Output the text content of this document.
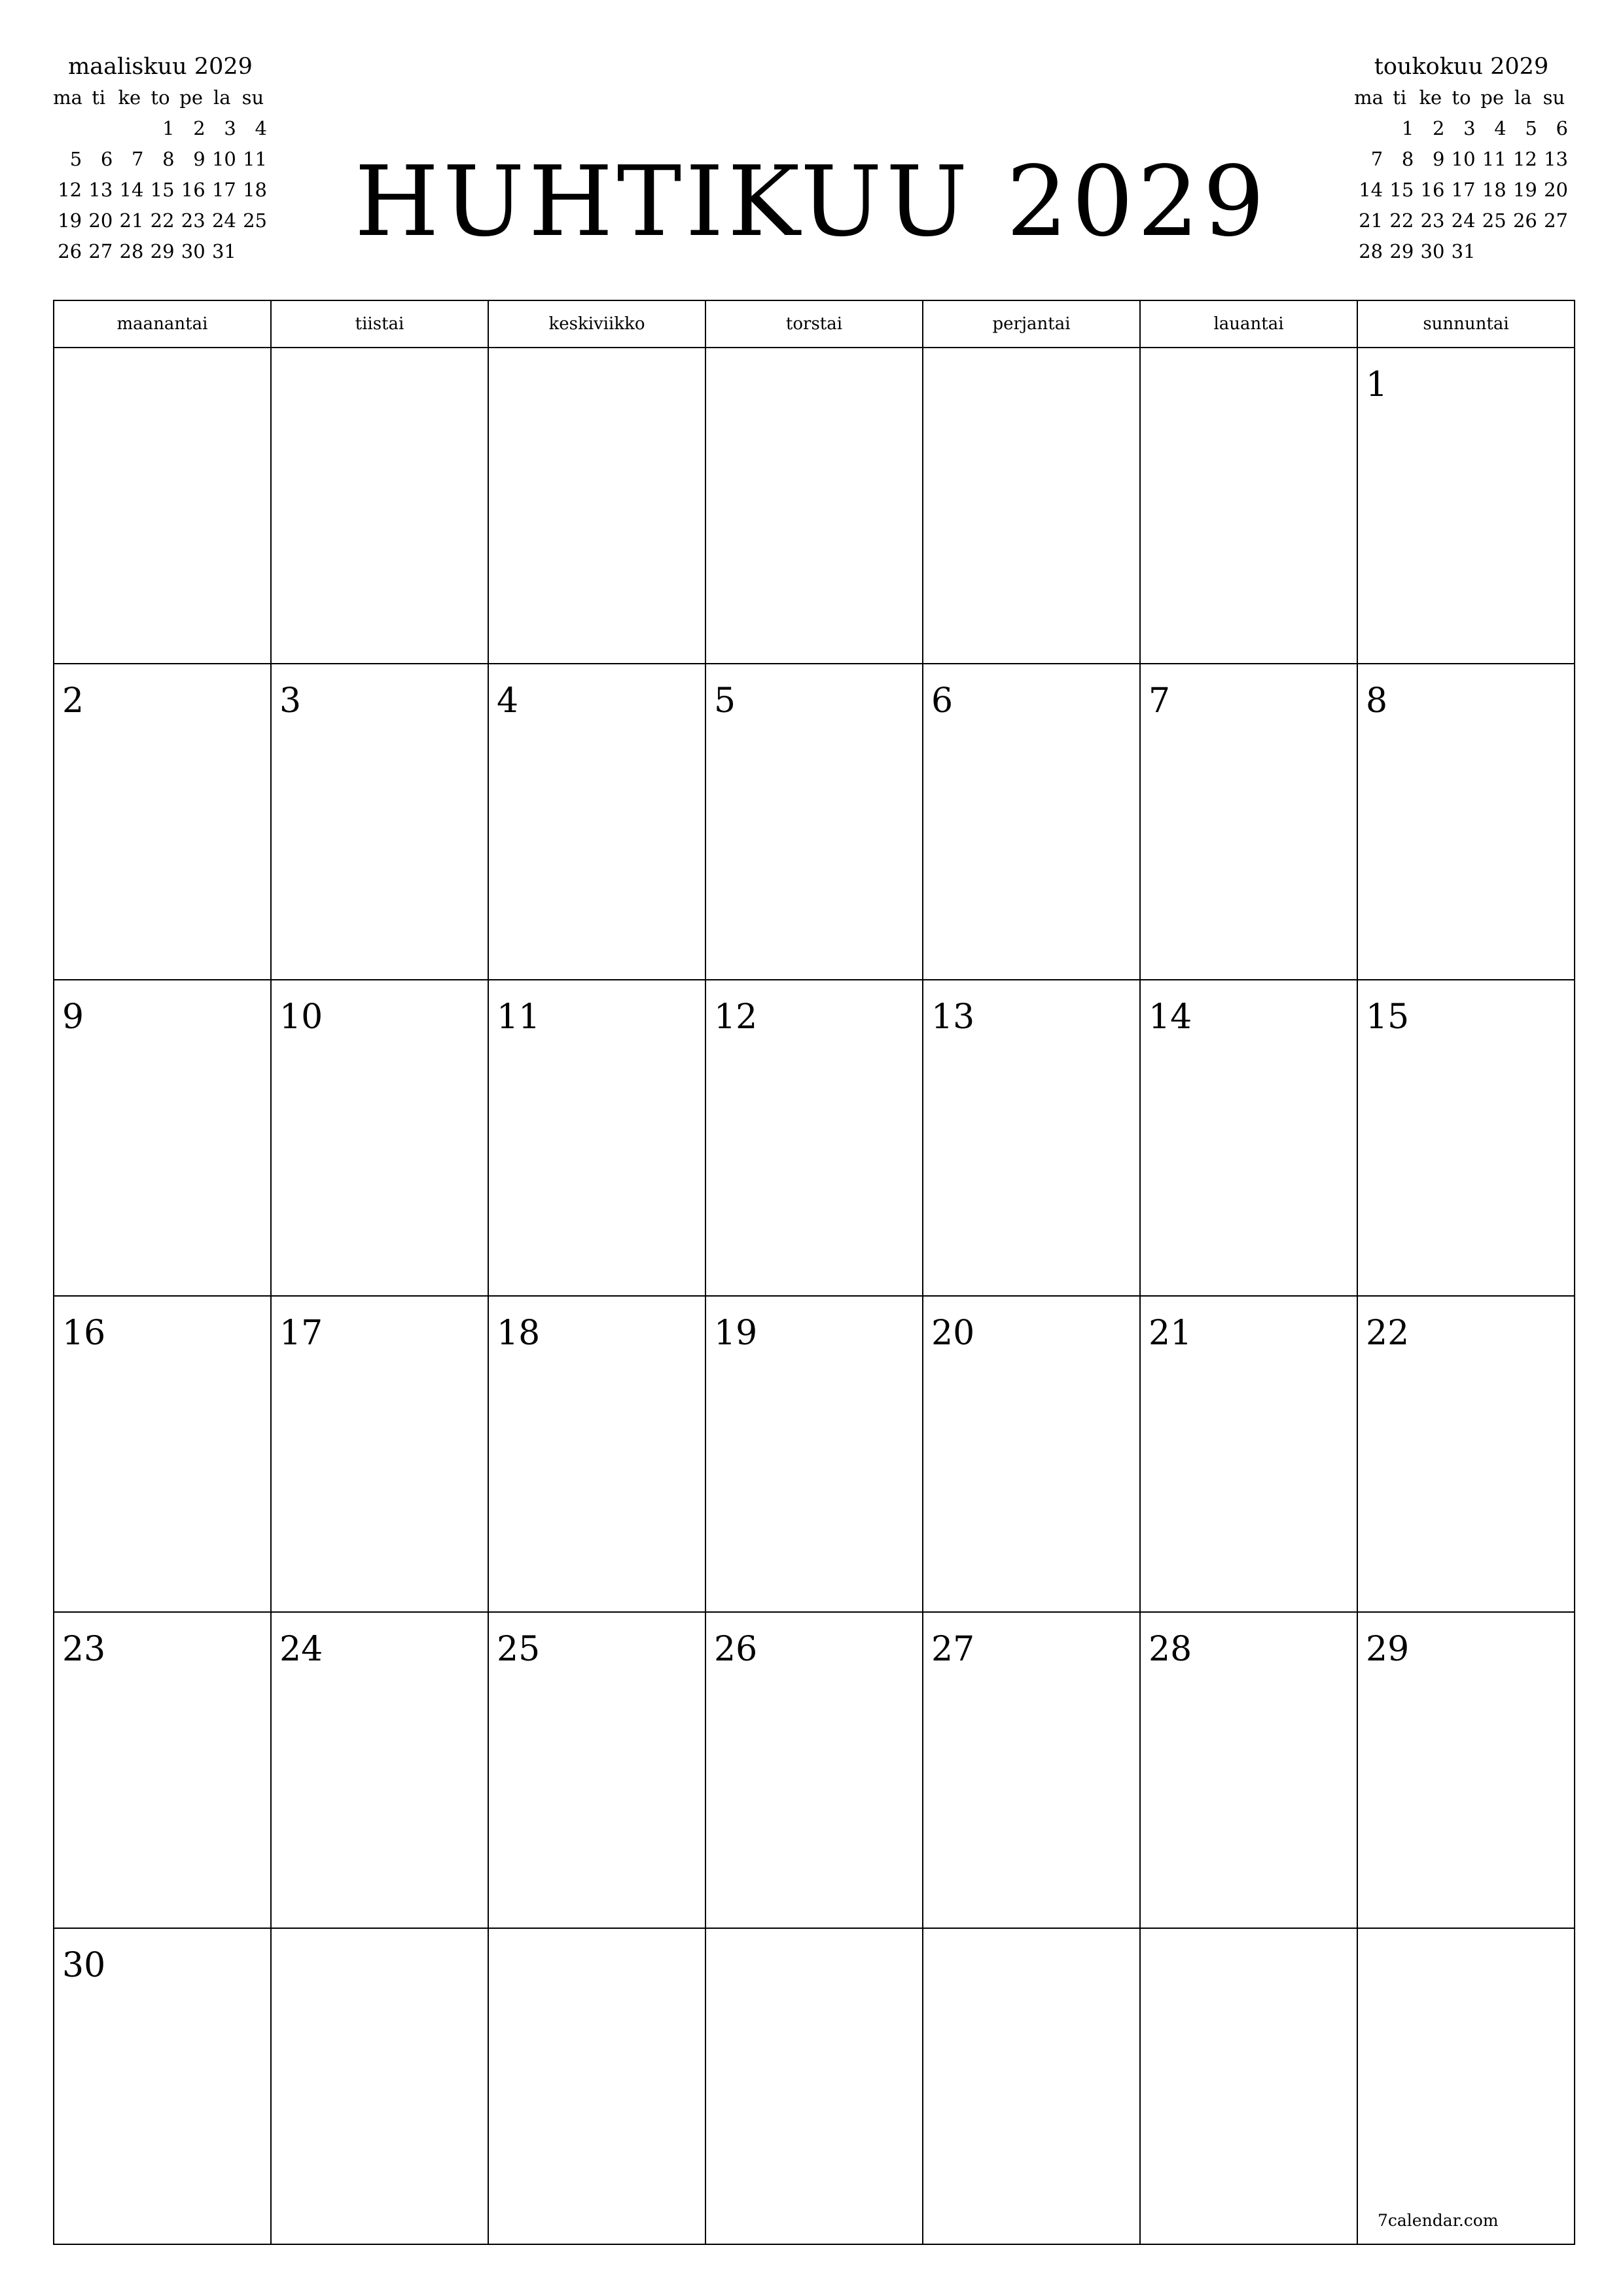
maaliskuu 2029
ma	ti	ke	to	pe	la	su
			1	2	3	4
5	6	7	8	9	10	11
12	13	14	15	16	17	18
19	20	21	22	23	24	25
26	27	28	29	30	31	
toukokuu 2029
ma	ti	ke	to	pe	la	su
	1	2	3	4	5	6
7	8	9	10	11	12	13
14	15	16	17	18	19	20
21	22	23	24	25	26	27
28	29	30	31			
HUHTIKUU 2029
maanantai	tiistai	keskiviikko	torstai	perjantai	lauantai	sunnuntai

						1

2	3	4	5	6	7	8

9	10	11	12	13	14	15

16	17	18	19	20	21	22

23	24	25	26	27	28	29

30						

7calendar.com
